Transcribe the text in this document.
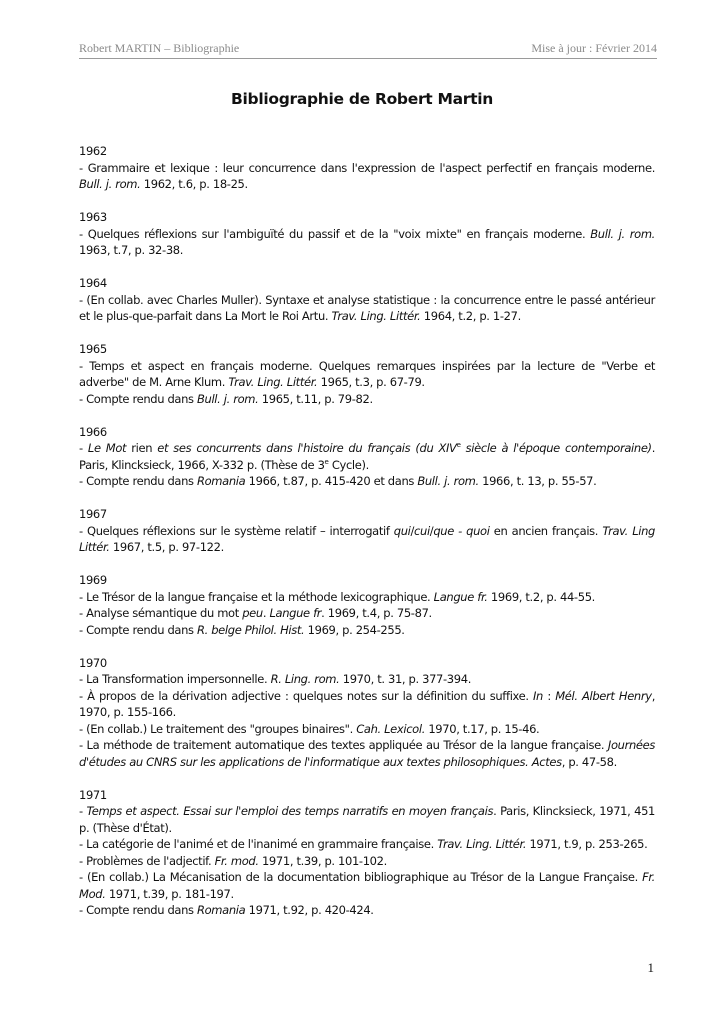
Robert MARTIN – Bibliographie	Mise à jour : Février 2014
Bibliographie de Robert Martin
1962
- Grammaire et lexique : leur concurrence dans l'expression de l'aspect perfectif en français moderne. Bull. j. rom. 1962, t.6, p. 18-25.
1963
- Quelques réflexions sur l'ambiguïté du passif et de la "voix mixte" en français moderne. Bull. j. rom. 1963, t.7, p. 32-38.
1964
- (En collab. avec Charles Muller). Syntaxe et analyse statistique : la concurrence entre le passé antérieur et le plus-que-parfait dans La Mort le Roi Artu. Trav. Ling. Littér. 1964, t.2, p. 1-27.
1965
- Temps et aspect en français moderne. Quelques remarques inspirées par la lecture de "Verbe et adverbe" de M. Arne Klum. Trav. Ling. Littér. 1965, t.3, p. 67-79.
- Compte rendu dans Bull. j. rom. 1965, t.11, p. 79-82.
1966
- Le Mot rien et ses concurrents dans l'histoire du français (du XIVe siècle à l'époque contemporaine). Paris, Klincksieck, 1966, X-332 p. (Thèse de 3e Cycle).
- Compte rendu dans Romania 1966, t.87, p. 415-420 et dans Bull. j. rom. 1966, t. 13, p. 55-57.
1967
- Quelques réflexions sur le système relatif – interrogatif qui/cui/que - quoi en ancien français. Trav. Ling Littér. 1967, t.5, p. 97-122.
1969
- Le Trésor de la langue française et la méthode lexicographique. Langue fr. 1969, t.2, p. 44-55.
- Analyse sémantique du mot peu. Langue fr. 1969, t.4, p. 75-87.
- Compte rendu dans R. belge Philol. Hist. 1969, p. 254-255.
1970
- La Transformation impersonnelle. R. Ling. rom. 1970, t. 31, p. 377-394.
- À propos de la dérivation adjective : quelques notes sur la définition du suffixe. In : Mél. Albert Henry, 1970, p. 155-166.
- (En collab.) Le traitement des "groupes binaires". Cah. Lexicol. 1970, t.17, p. 15-46.
- La méthode de traitement automatique des textes appliquée au Trésor de la langue française. Journées d'études au CNRS sur les applications de l'informatique aux textes philosophiques. Actes, p. 47-58.
1971
- Temps et aspect. Essai sur l'emploi des temps narratifs en moyen français. Paris, Klincksieck, 1971, 451 p. (Thèse d'État).
- La catégorie de l'animé et de l'inanimé en grammaire française. Trav. Ling. Littér. 1971, t.9, p. 253-265.
- Problèmes de l'adjectif. Fr. mod. 1971, t.39, p. 101-102.
- (En collab.) La Mécanisation de la documentation bibliographique au Trésor de la Langue Française. Fr. Mod. 1971, t.39, p. 181-197.
- Compte rendu dans Romania 1971, t.92, p. 420-424.
1
